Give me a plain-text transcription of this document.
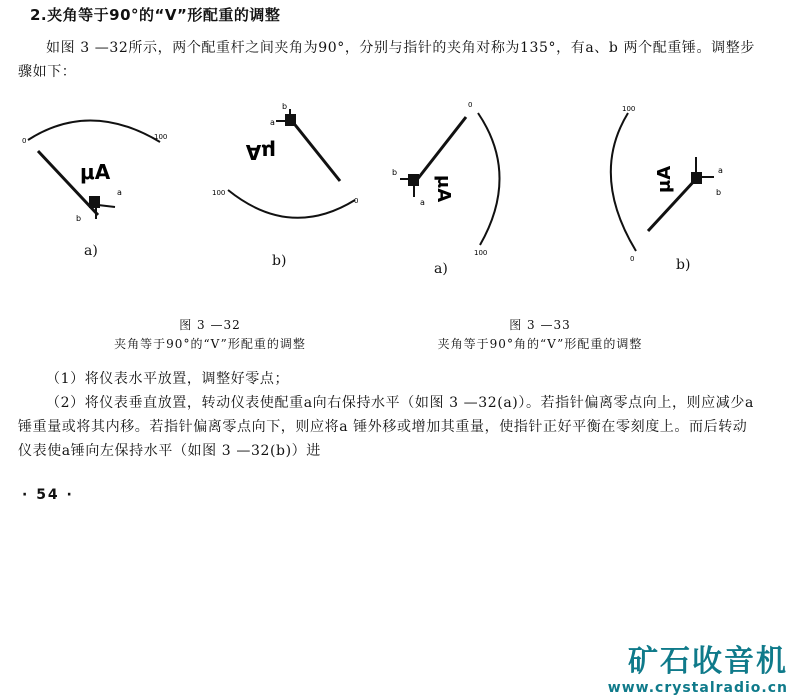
2.夹角等于90°的“V”形配重的调整
如图 3 —32所示，两个配重杆之间夹角为90°，分别与指针的夹角对称为135°，有a、b 两个配重锤。调整步骤如下：
0	100
μA
a
b
100
0
μA
a
b	0
100
μA
b
a
100
0
μA	a
b
a)
b)	a)	b)
图 3 —32
夹角等于90°的“V”形配重的调整
图 3 —33
夹角等于90°角的“V”形配重的调整
（1）将仪表水平放置，调整好零点；
（2）将仪表垂直放置，转动仪表使配重a向右保持水平（如图 3 —32(a)）。若指针偏离零点向上，则应减少a锤重量或将其内移。若指针偏离零点向下，则应将a 锤外移或增加其重量，使指针正好平衡在零刻度上。而后转动仪表使a锤向左保持水平（如图 3 —32(b)）进
· 54 ·
矿石收音机
www.crystalradio.cn
